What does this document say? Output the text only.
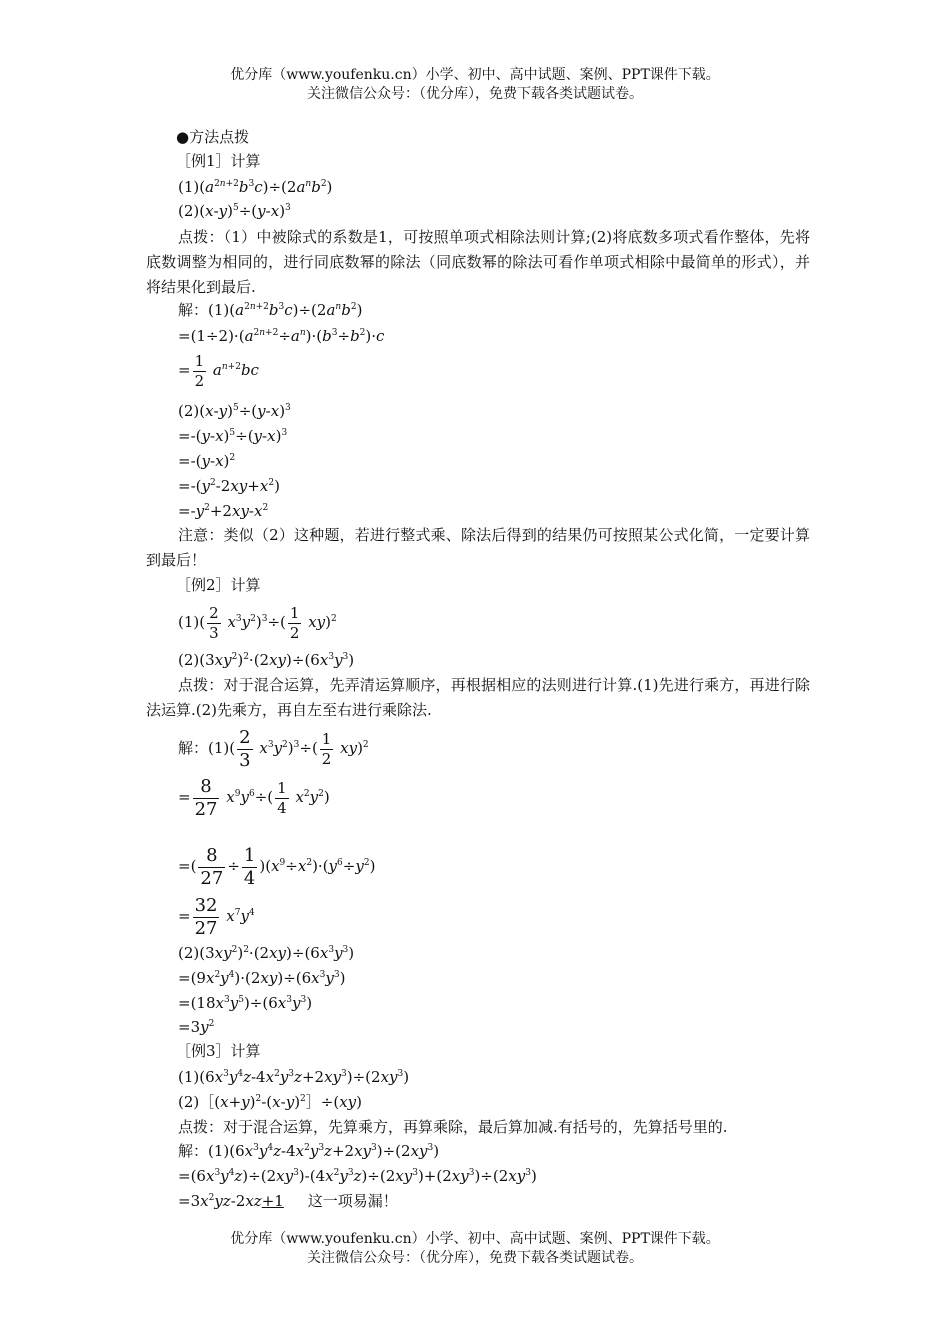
优分库（www.youfenku.cn）小学、初中、高中试题、案例、PPT课件下载。
关注微信公众号：（优分库），免费下载各类试题试卷。
●方法点拨
［例1］计算
$(1)(a^{2n+2}b^3c)\div(2a^nb^2)$
$(2)(x-y)^5\div(y-x)^3$
点拨：（1）中被除式的系数是1，可按照单项式相除法则计算;(2)将底数多项式看作整体，先将底数调整为相同的，进行同底数幂的除法（同底数幂的除法可看作单项式相除中最简单的形式），并将结果化到最后.
解：$(1)(a^{2n+2}b^3c)\div(2a^nb^2)$
$=(1\div 2)\cdot(a^{2n+2}\div a^n)\cdot(b^3\div b^2)\cdot c$
= $\frac{1}{2} a^{n+2}bc$
$(2)(x-y)^5\div(y-x)^3$
$=-(y-x)^5\div(y-x)^3$
$=-(y-x)^2$
$=-(y^2-2xy+x^2)$
$=-y^2+2xy-x^2$
注意：类似（2）这种题，若进行整式乘、除法后得到的结果仍可按照某公式化简，一定要计算到最后！
［例2］计算
$(1)( \frac{2}{3} x^3y^2)^3\div( \frac{1}{2} xy)^2$
$(2)(3xy^2)^2\cdot(2xy)\div(6x^3y^3)$
点拨：对于混合运算，先弄清运算顺序，再根据相应的法则进行计算.(1)先进行乘方，再进行除法运算.(2)先乘方，再自左至右进行乘除法.
解：$(1)( \frac{2}{3} x^3y^2)^3\div( \frac{1}{2} xy)^2$
= $\frac{8}{27} x^9y^6\div( \frac{1}{4} x^2y^2)$
=( $\frac{8}{27} \div \frac{1}{4} )(x^9\div x^2)\cdot(y^6\div y^2)$
= $\frac{32}{27} x^7y^4$
$(2)(3xy^2)^2\cdot(2xy)\div(6x^3y^3)$
$=(9x^2y^4)\cdot(2xy)\div(6x^3y^3)$
$=(18x^3y^5)\div(6x^3y^3)$
$=3y^2$
［例3］计算
$(1)(6x^3y^4z-4x^2y^3z+2xy^3)\div(2xy^3)$
$(2)[(x+y)^2-(x-y)^2]\div(xy)$
点拨：对于混合运算，先算乘方，再算乘除，最后算加减.有括号的，先算括号里的.
解：$(1)(6x^3y^4z-4x^2y^3z+2xy^3)\div(2xy^3)$
$=(6x^3y^4z)\div(2xy^3)-(4x^2y^3z)\div(2xy^3)+(2xy^3)\div(2xy^3)$
$=3x^2yz-2xz+1$ 这一项易漏！
优分库（www.youfenku.cn）小学、初中、高中试题、案例、PPT课件下载。
关注微信公众号：（优分库），免费下载各类试题试卷。
